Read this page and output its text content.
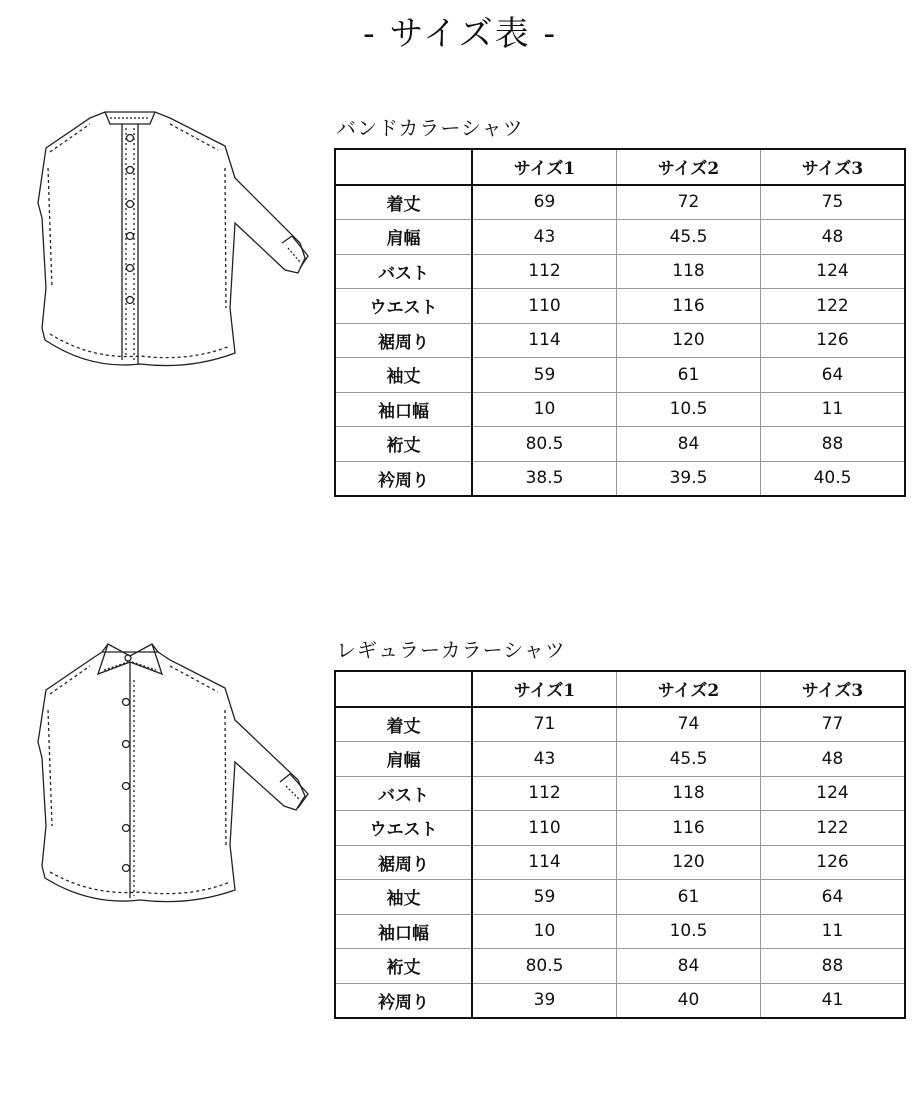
- サイズ表 -
バンドカラーシャツ
	サイズ1	サイズ2	サイズ3
着丈	69	72	75
肩幅	43	45.5	48
バスト	112	118	124
ウエスト	110	116	122
裾周り	114	120	126
袖丈	59	61	64
袖口幅	10	10.5	11
裄丈	80.5	84	88
衿周り	38.5	39.5	40.5
レギュラーカラーシャツ
	サイズ1	サイズ2	サイズ3
着丈	71	74	77
肩幅	43	45.5	48
バスト	112	118	124
ウエスト	110	116	122
裾周り	114	120	126
袖丈	59	61	64
袖口幅	10	10.5	11
裄丈	80.5	84	88
衿周り	39	40	41
